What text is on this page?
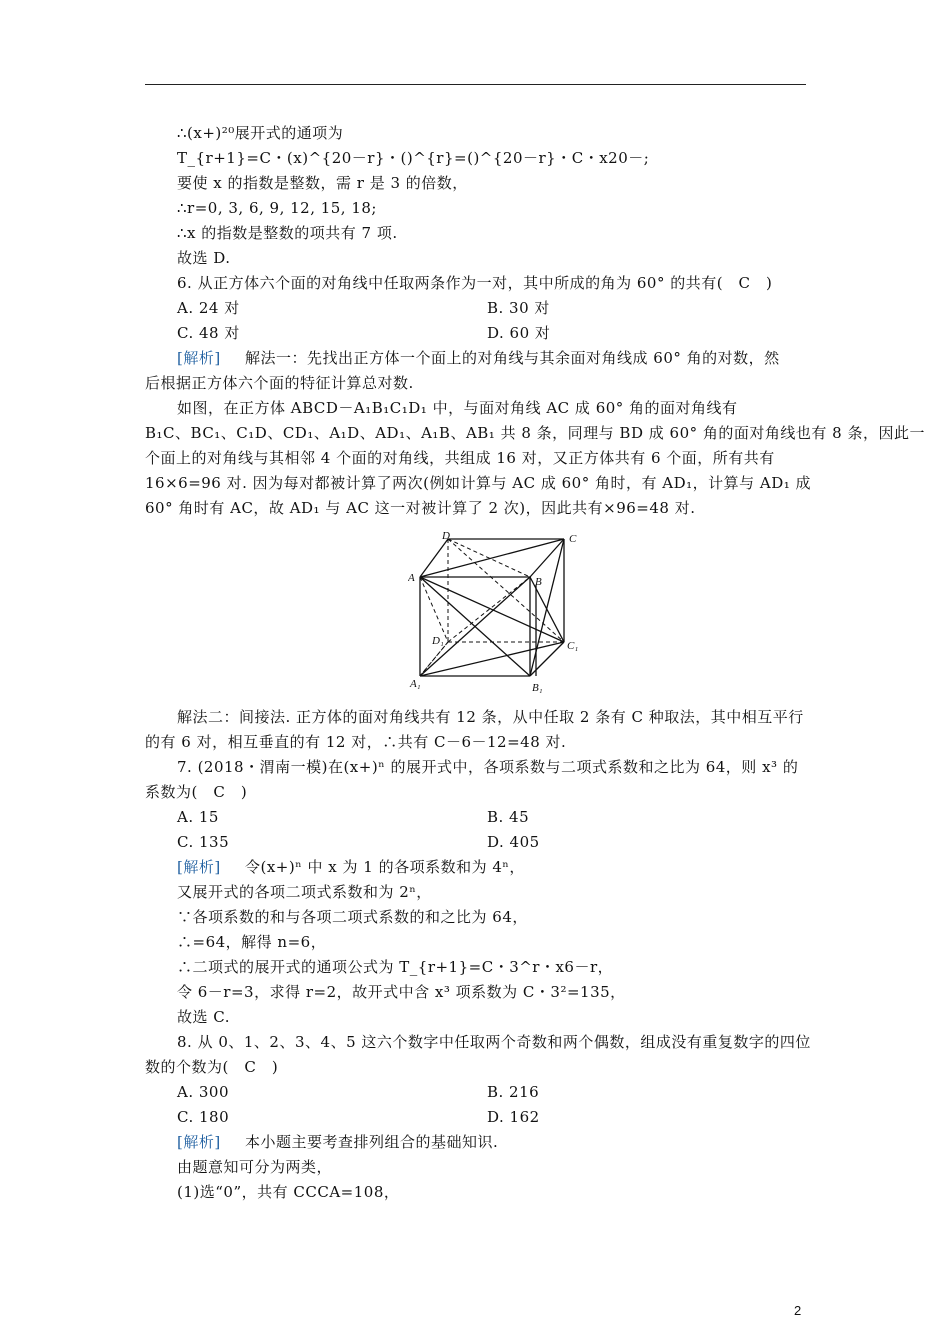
∴(x+)²⁰展开式的通项为
T_{r+1}=C・(x)^{20－r}・()^{r}=()^{20－r}・C・x20－;
要使 x 的指数是整数，需 r 是 3 的倍数，
∴r=0, 3, 6, 9, 12, 15, 18;
∴x 的指数是整数的项共有 7 项.
故选 D.
6. 从正方体六个面的对角线中任取两条作为一对，其中所成的角为 60° 的共有(　C　)
A. 24 对	B. 30 对
C. 48 对	D. 60 对
[解析] 解法一：先找出正方体一个面上的对角线与其余面对角线成 60° 角的对数，然
后根据正方体六个面的特征计算总对数.
如图，在正方体 ABCD－A₁B₁C₁D₁ 中，与面对角线 AC 成 60° 角的面对角线有
B₁C、BC₁、C₁D、CD₁、A₁D、AD₁、A₁B、AB₁ 共 8 条，同理与 BD 成 60° 角的面对角线也有 8 条，因此一
个面上的对角线与其相邻 4 个面的对角线，共组成 16 对，又正方体共有 6 个面，所有共有
16×6=96 对. 因为每对都被计算了两次(例如计算与 AC 成 60° 角时，有 AD₁，计算与 AD₁ 成
60° 角时有 AC，故 AD₁ 与 AC 这一对被计算了 2 次)，因此共有×96=48 对.
D	C
A	B
D₁	C₁
A₁	B₁
解法二：间接法. 正方体的面对角线共有 12 条，从中任取 2 条有 C 种取法，其中相互平行
的有 6 对，相互垂直的有 12 对，∴共有 C－6－12=48 对.
7. (2018・渭南一模)在(x+)ⁿ 的展开式中，各项系数与二项式系数和之比为 64，则 x³ 的
系数为(　C　)
A. 15	B. 45
C. 135	D. 405
[解析] 令(x+)ⁿ 中 x 为 1 的各项系数和为 4ⁿ，
又展开式的各项二项式系数和为 2ⁿ，
∵各项系数的和与各项二项式系数的和之比为 64，
∴=64，解得 n=6，
∴二项式的展开式的通项公式为 T_{r+1}=C・3^r・x6－r，
令 6－r=3，求得 r=2，故开式中含 x³ 项系数为 C・3²=135，
故选 C.
8. 从 0、1、2、3、4、5 这六个数字中任取两个奇数和两个偶数，组成没有重复数字的四位
数的个数为(　C　)
A. 300	B. 216
C. 180	D. 162
[解析] 本小题主要考查排列组合的基础知识.
由题意知可分为两类，
(1)选“0”，共有 CCCA=108，
2
